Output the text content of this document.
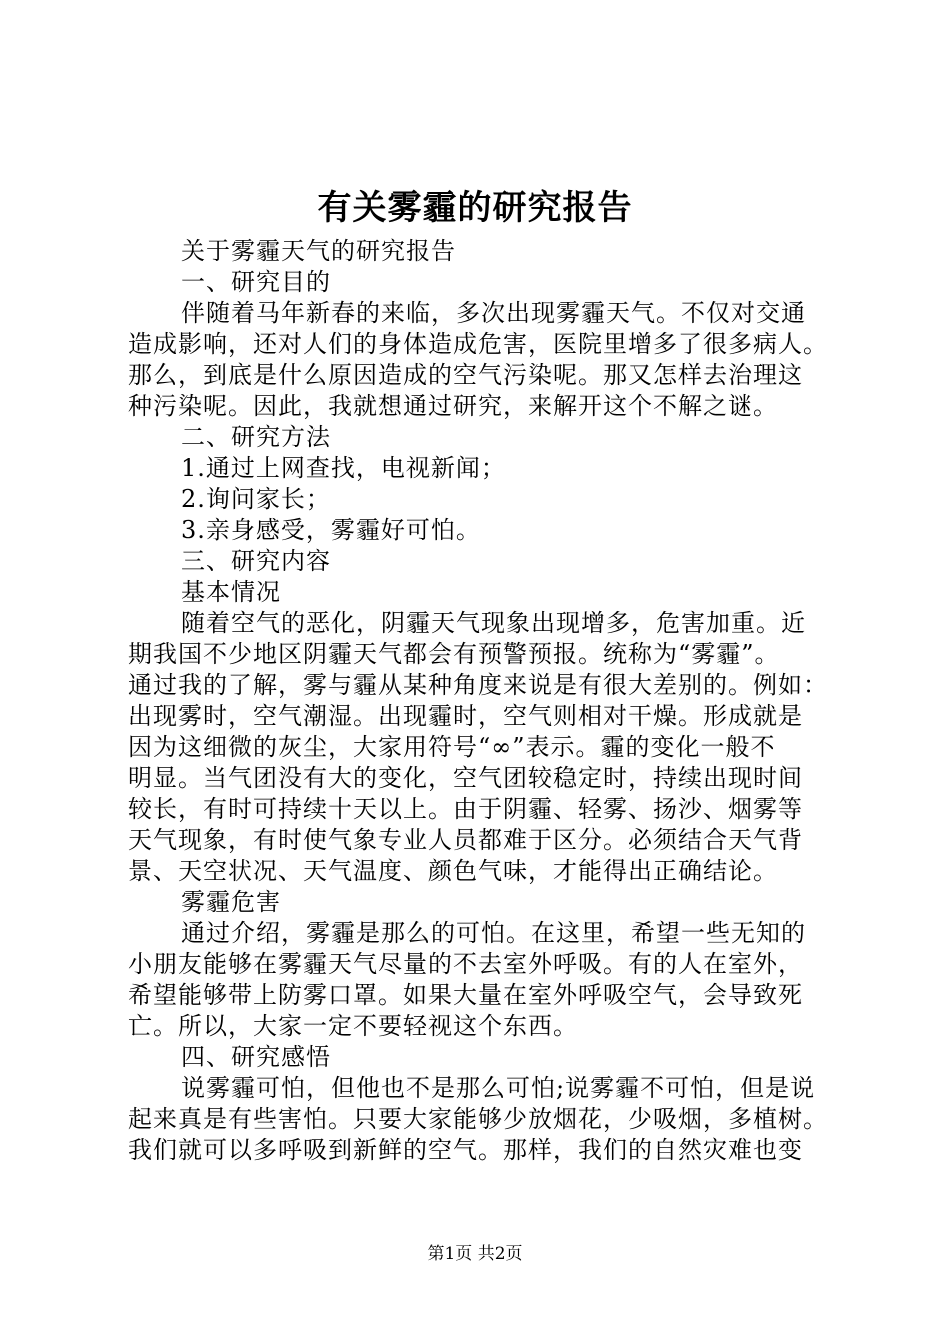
有关雾霾的研究报告
关于雾霾天气的研究报告
一、研究目的
伴随着马年新春的来临，多次出现雾霾天气。不仅对交通
造成影响，还对人们的身体造成危害，医院里增多了很多病人。
那么，到底是什么原因造成的空气污染呢。那又怎样去治理这
种污染呢。因此，我就想通过研究，来解开这个不解之谜。
二、研究方法
1.通过上网查找，电视新闻；
2.询问家长；
3.亲身感受，雾霾好可怕。
三、研究内容
基本情况
随着空气的恶化，阴霾天气现象出现增多，危害加重。近
期我国不少地区阴霾天气都会有预警预报。统称为“雾霾”。
通过我的了解，雾与霾从某种角度来说是有很大差别的。例如：
出现雾时，空气潮湿。出现霾时，空气则相对干燥。形成就是
因为这细微的灰尘，大家用符号“∞”表示。霾的变化一般不
明显。当气团没有大的变化，空气团较稳定时，持续出现时间
较长，有时可持续十天以上。由于阴霾、轻雾、扬沙、烟雾等
天气现象，有时使气象专业人员都难于区分。必须结合天气背
景、天空状况、天气温度、颜色气味，才能得出正确结论。
雾霾危害
通过介绍，雾霾是那么的可怕。在这里，希望一些无知的
小朋友能够在雾霾天气尽量的不去室外呼吸。有的人在室外，
希望能够带上防雾口罩。如果大量在室外呼吸空气，会导致死
亡。所以，大家一定不要轻视这个东西。
四、研究感悟
说雾霾可怕，但他也不是那么可怕;说雾霾不可怕，但是说
起来真是有些害怕。只要大家能够少放烟花，少吸烟，多植树。
我们就可以多呼吸到新鲜的空气。那样，我们的自然灾难也变
第1页 共2页
